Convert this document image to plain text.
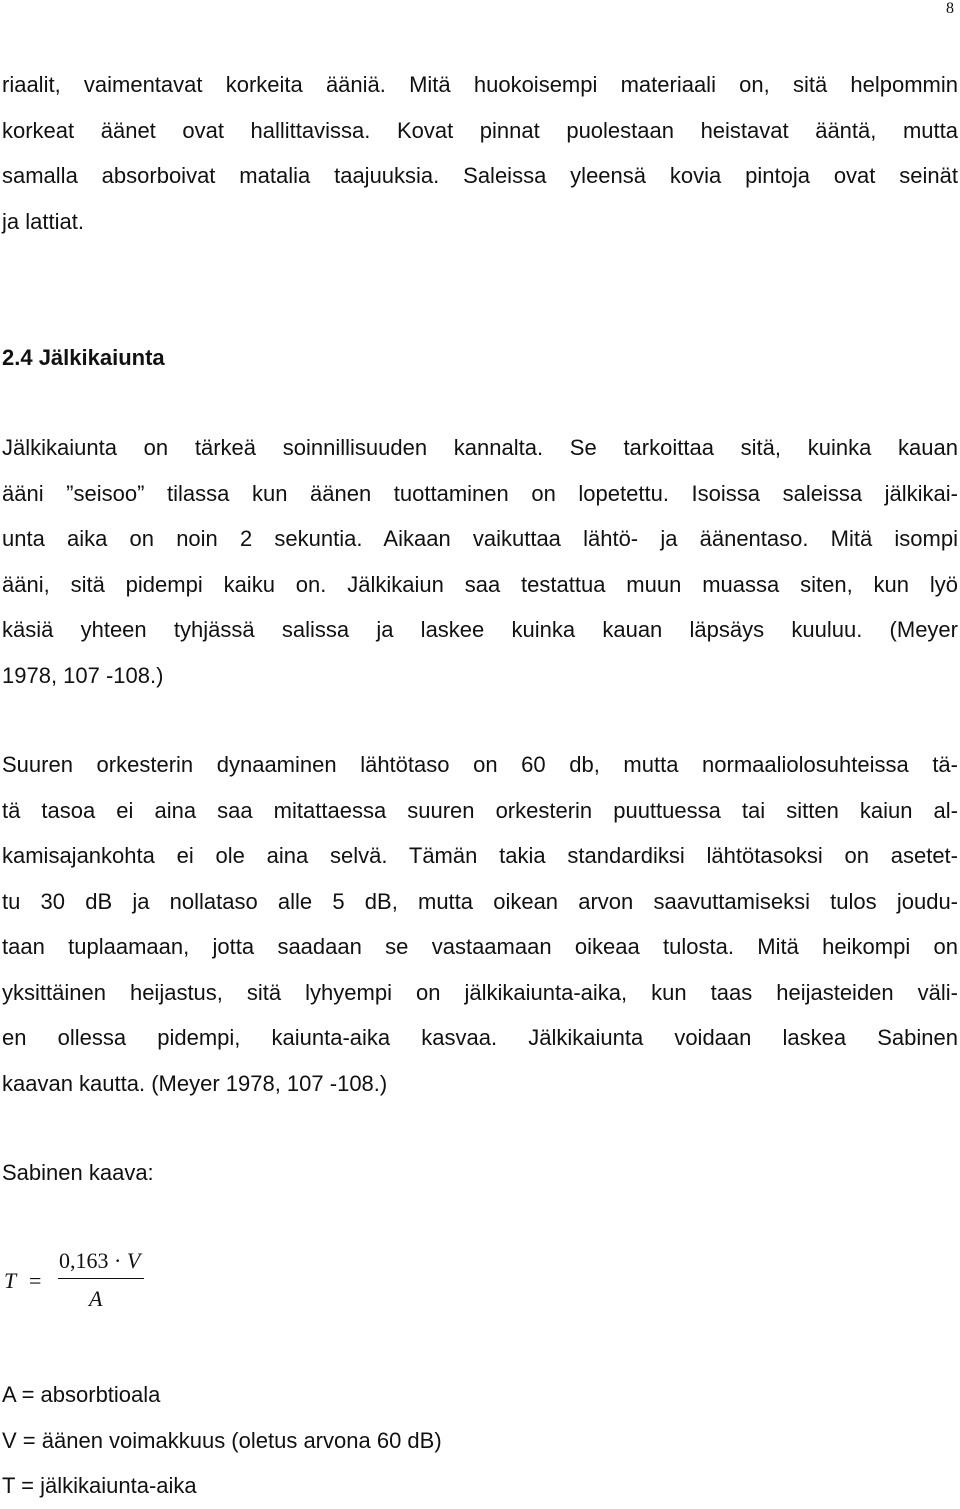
8
riaalit, vaimentavat korkeita ääniä. Mitä huokoisempi materiaali on, sitä helpommin
korkeat äänet ovat hallittavissa. Kovat pinnat puolestaan heistavat ääntä, mutta
samalla absorboivat matalia taajuuksia. Saleissa yleensä kovia pintoja ovat seinät
ja lattiat.
2.4 Jälkikaiunta
Jälkikaiunta on tärkeä soinnillisuuden kannalta. Se tarkoittaa sitä, kuinka kauan
ääni ”seisoo” tilassa kun äänen tuottaminen on lopetettu. Isoissa saleissa jälkikai-
unta aika on noin 2 sekuntia. Aikaan vaikuttaa lähtö- ja äänentaso. Mitä isompi
ääni, sitä pidempi kaiku on. Jälkikaiun saa testattua muun muassa siten, kun lyö
käsiä yhteen tyhjässä salissa ja laskee kuinka kauan läpsäys kuuluu. (Meyer
1978, 107 -108.)
Suuren orkesterin dynaaminen lähtötaso on 60 db, mutta normaaliolosuhteissa tä-
tä tasoa ei aina saa mitattaessa suuren orkesterin puuttuessa tai sitten kaiun al-
kamisajankohta ei ole aina selvä. Tämän takia standardiksi lähtötasoksi on asetet-
tu 30 dB ja nollataso alle 5 dB, mutta oikean arvon saavuttamiseksi tulos joudu-
taan tuplaamaan, jotta saadaan se vastaamaan oikeaa tulosta. Mitä heikompi on
yksittäinen heijastus, sitä lyhyempi on jälkikaiunta-aika, kun taas heijasteiden väli-
en ollessa pidempi, kaiunta-aika kasvaa. Jälkikaiunta voidaan laskea Sabinen
kaavan kautta. (Meyer 1978, 107 -108.)
Sabinen kaava:
T =
0,163 · V
A
A = absorbtioala
V = äänen voimakkuus (oletus arvona 60 dB)
T = jälkikaiunta-aika
